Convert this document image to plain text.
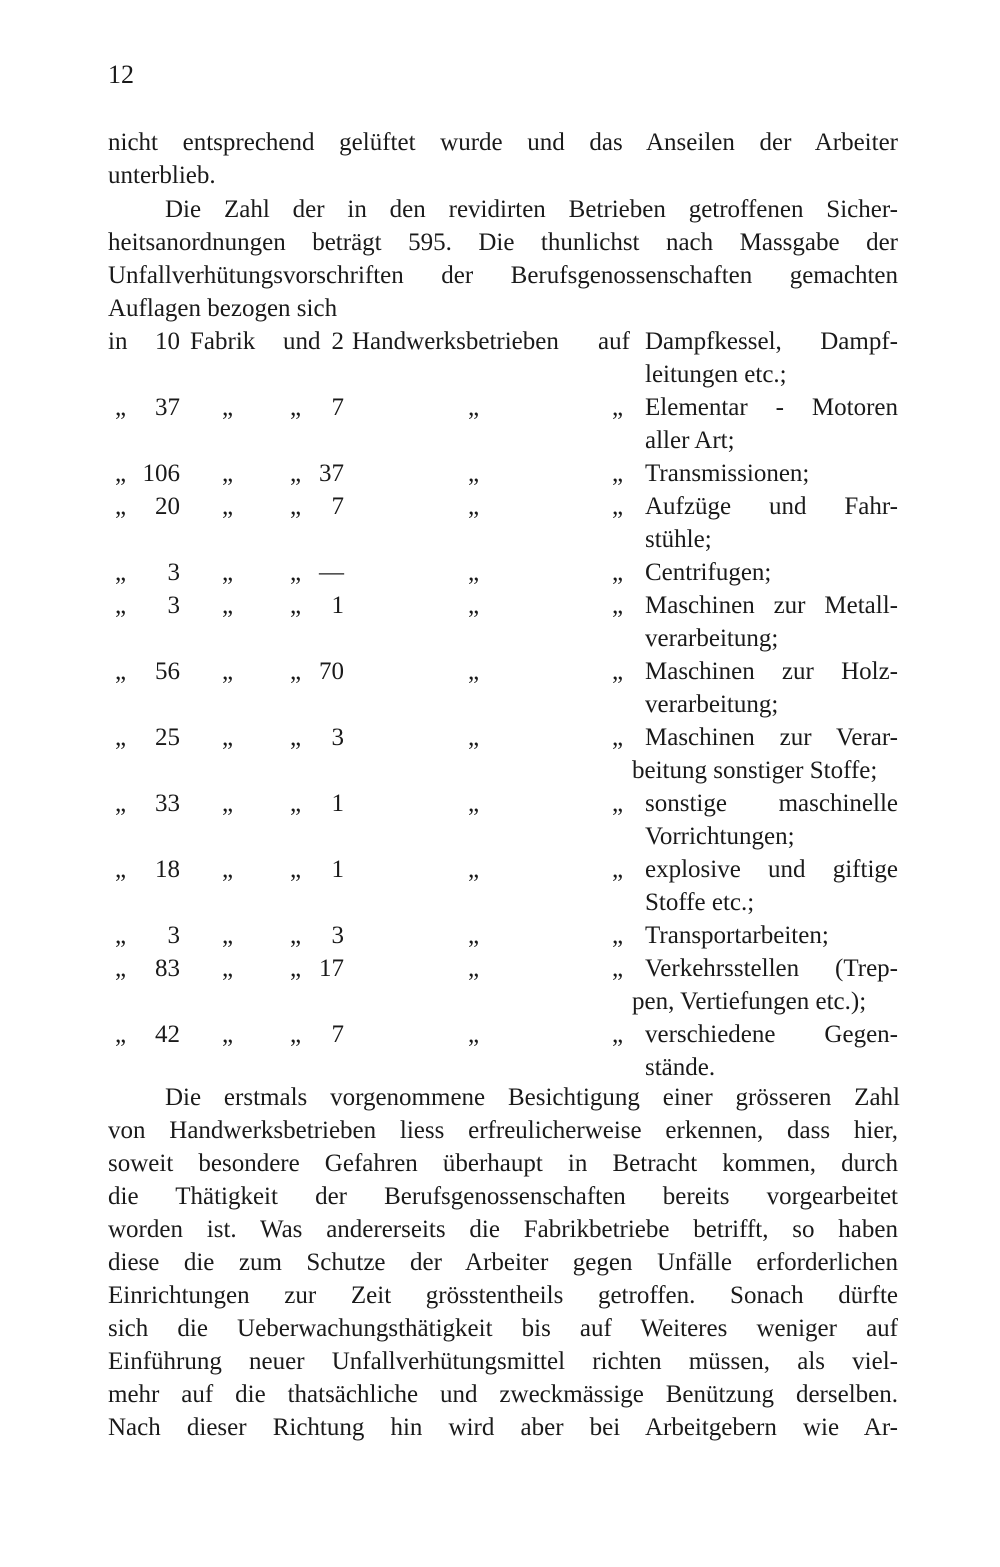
12
nicht entsprechend gelüftet wurde und das Anseilen der Arbeiter
unterblieb.
Die Zahl der in den revidirten Betrieben getroffenen Sicher-
heitsanordnungen beträgt 595. Die thunlichst nach Massgabe der
Unfallverhütungsvorschriften der Berufsgenossenschaften gemachten
Auflagen bezogen sich
in 10 Fabrik und 2 Handwerksbetrieben auf Dampfkessel, Dampf-
leitungen etc.;
„	37 „ „	7	„	„ Elementar - Motoren
aller Art;
„ 106 „ „ 37	„	„ Transmissionen;
„	20 „ „	7	„	„ Aufzüge und Fahr-
stühle;
„	3 „ „ —	„	„ Centrifugen;
„	3 „ „	1	„	„ Maschinen zur Metall-
verarbeitung;
„	56 „ „ 70	„	„ Maschinen zur Holz-
verarbeitung;
„	25 „ „	3	„	„ Maschinen zur Verar-
beitung sonstiger Stoffe;
„	33 „ „	1	„	„ sonstige maschinelle
Vorrichtungen;
„	18 „ „	1	„	„ explosive und giftige
Stoffe etc.;
„	3 „ „	3	„	„ Transportarbeiten;
„	83 „ „ 17	„	„ Verkehrsstellen (Trep-
pen, Vertiefungen etc.);
„	42 „ „	7	„	„ verschiedene Gegen-
stände.
Die erstmals vorgenommene Besichtigung einer grösseren Zahl
von Handwerksbetrieben liess erfreulicherweise erkennen, dass hier,
soweit besondere Gefahren überhaupt in Betracht kommen, durch
die Thätigkeit der Berufsgenossenschaften bereits vorgearbeitet
worden ist. Was andererseits die Fabrikbetriebe betrifft, so haben
diese die zum Schutze der Arbeiter gegen Unfälle erforderlichen
Einrichtungen zur Zeit grösstentheils getroffen. Sonach dürfte
sich die Ueberwachungsthätigkeit bis auf Weiteres weniger auf
Einführung neuer Unfallverhütungsmittel richten müssen, als viel-
mehr auf die thatsächliche und zweckmässige Benützung derselben.
Nach dieser Richtung hin wird aber bei Arbeitgebern wie Ar-
